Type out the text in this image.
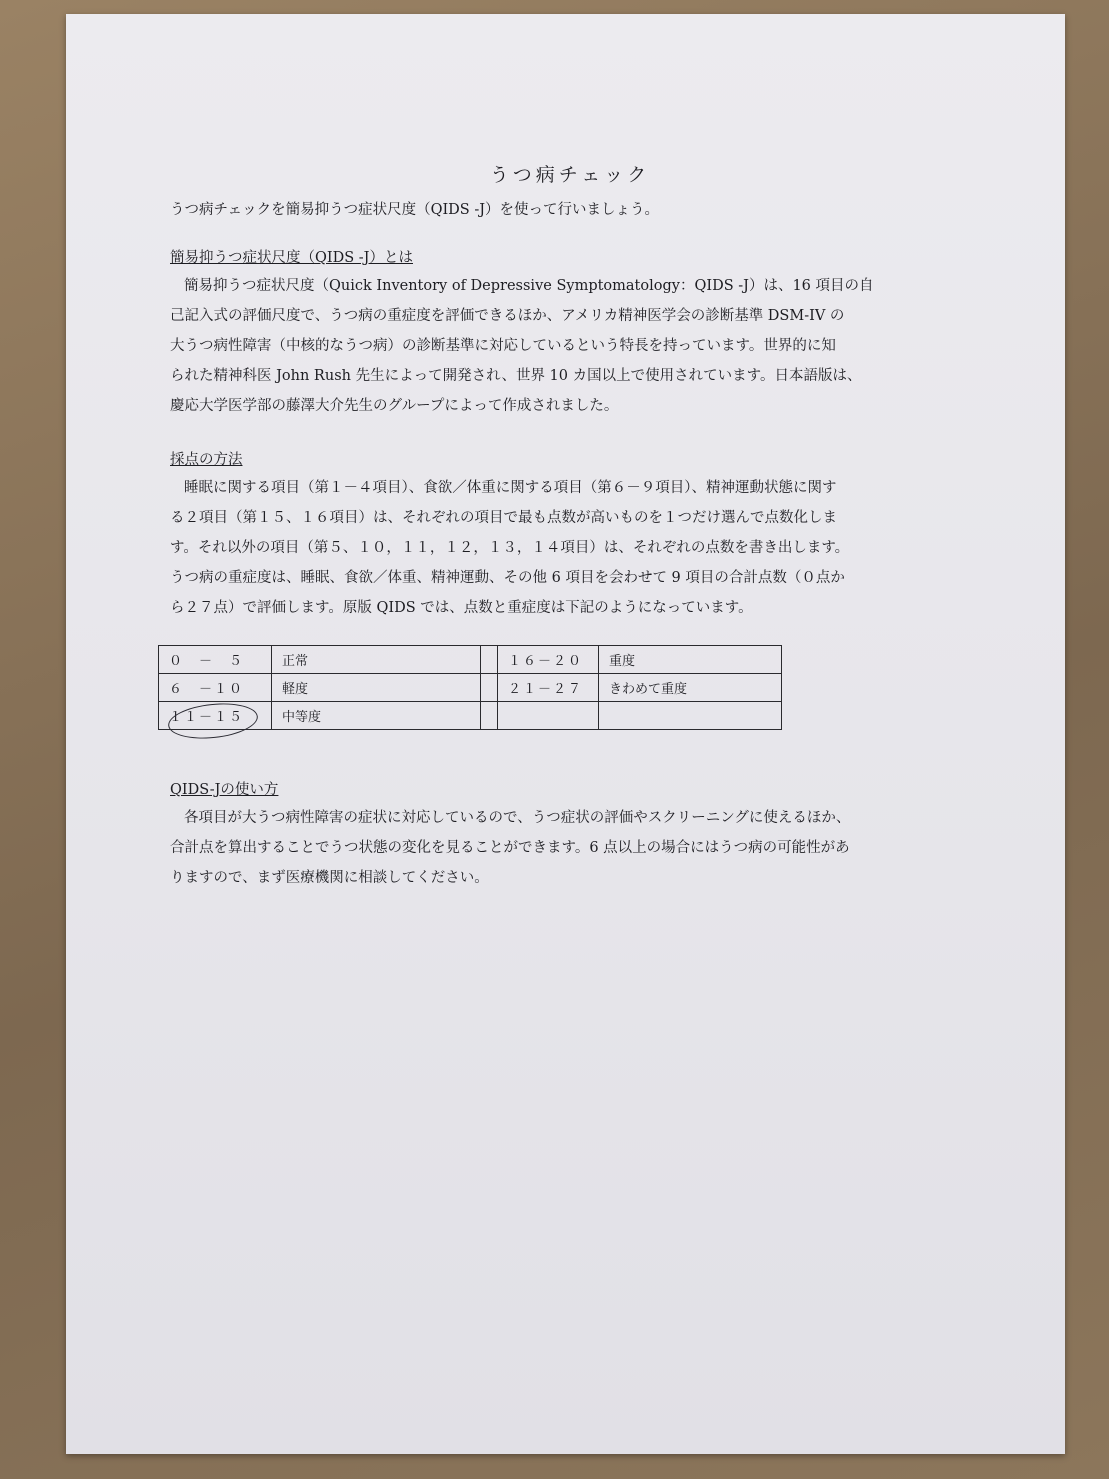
うつ病チェック
うつ病チェックを簡易抑うつ症状尺度（QIDS -J）を使って行いましょう。
簡易抑うつ症状尺度（QIDS -J）とは
簡易抑うつ症状尺度（Quick Inventory of Depressive Symptomatology：QIDS -J）は、16 項目の自
己記入式の評価尺度で、うつ病の重症度を評価できるほか、アメリカ精神医学会の診断基準 DSM-IV の
大うつ病性障害（中核的なうつ病）の診断基準に対応しているという特長を持っています。世界的に知
られた精神科医 John Rush 先生によって開発され、世界 10 カ国以上で使用されています。日本語版は、
慶応大学医学部の藤澤大介先生のグループによって作成されました。
採点の方法
睡眠に関する項目（第１－４項目）、食欲／体重に関する項目（第６－９項目）、精神運動状態に関す
る２項目（第１５、１６項目）は、それぞれの項目で最も点数が高いものを１つだけ選んで点数化しま
す。それ以外の項目（第５、１０，１１，１２，１３，１４項目）は、それぞれの点数を書き出します。
うつ病の重症度は、睡眠、食欲／体重、精神運動、その他 6 項目を会わせて 9 項目の合計点数（０点か
ら２７点）で評価します。原版 QIDS では、点数と重症度は下記のようになっています。
０　－　５	正常		１６－２０	重度
６　－１０	軽度		２１－２７	きわめて重度
１１－１５	中等度			
QIDS-Jの使い方
各項目が大うつ病性障害の症状に対応しているので、うつ症状の評価やスクリーニングに使えるほか、
合計点を算出することでうつ状態の変化を見ることができます。6 点以上の場合にはうつ病の可能性があ
りますので、まず医療機関に相談してください。
